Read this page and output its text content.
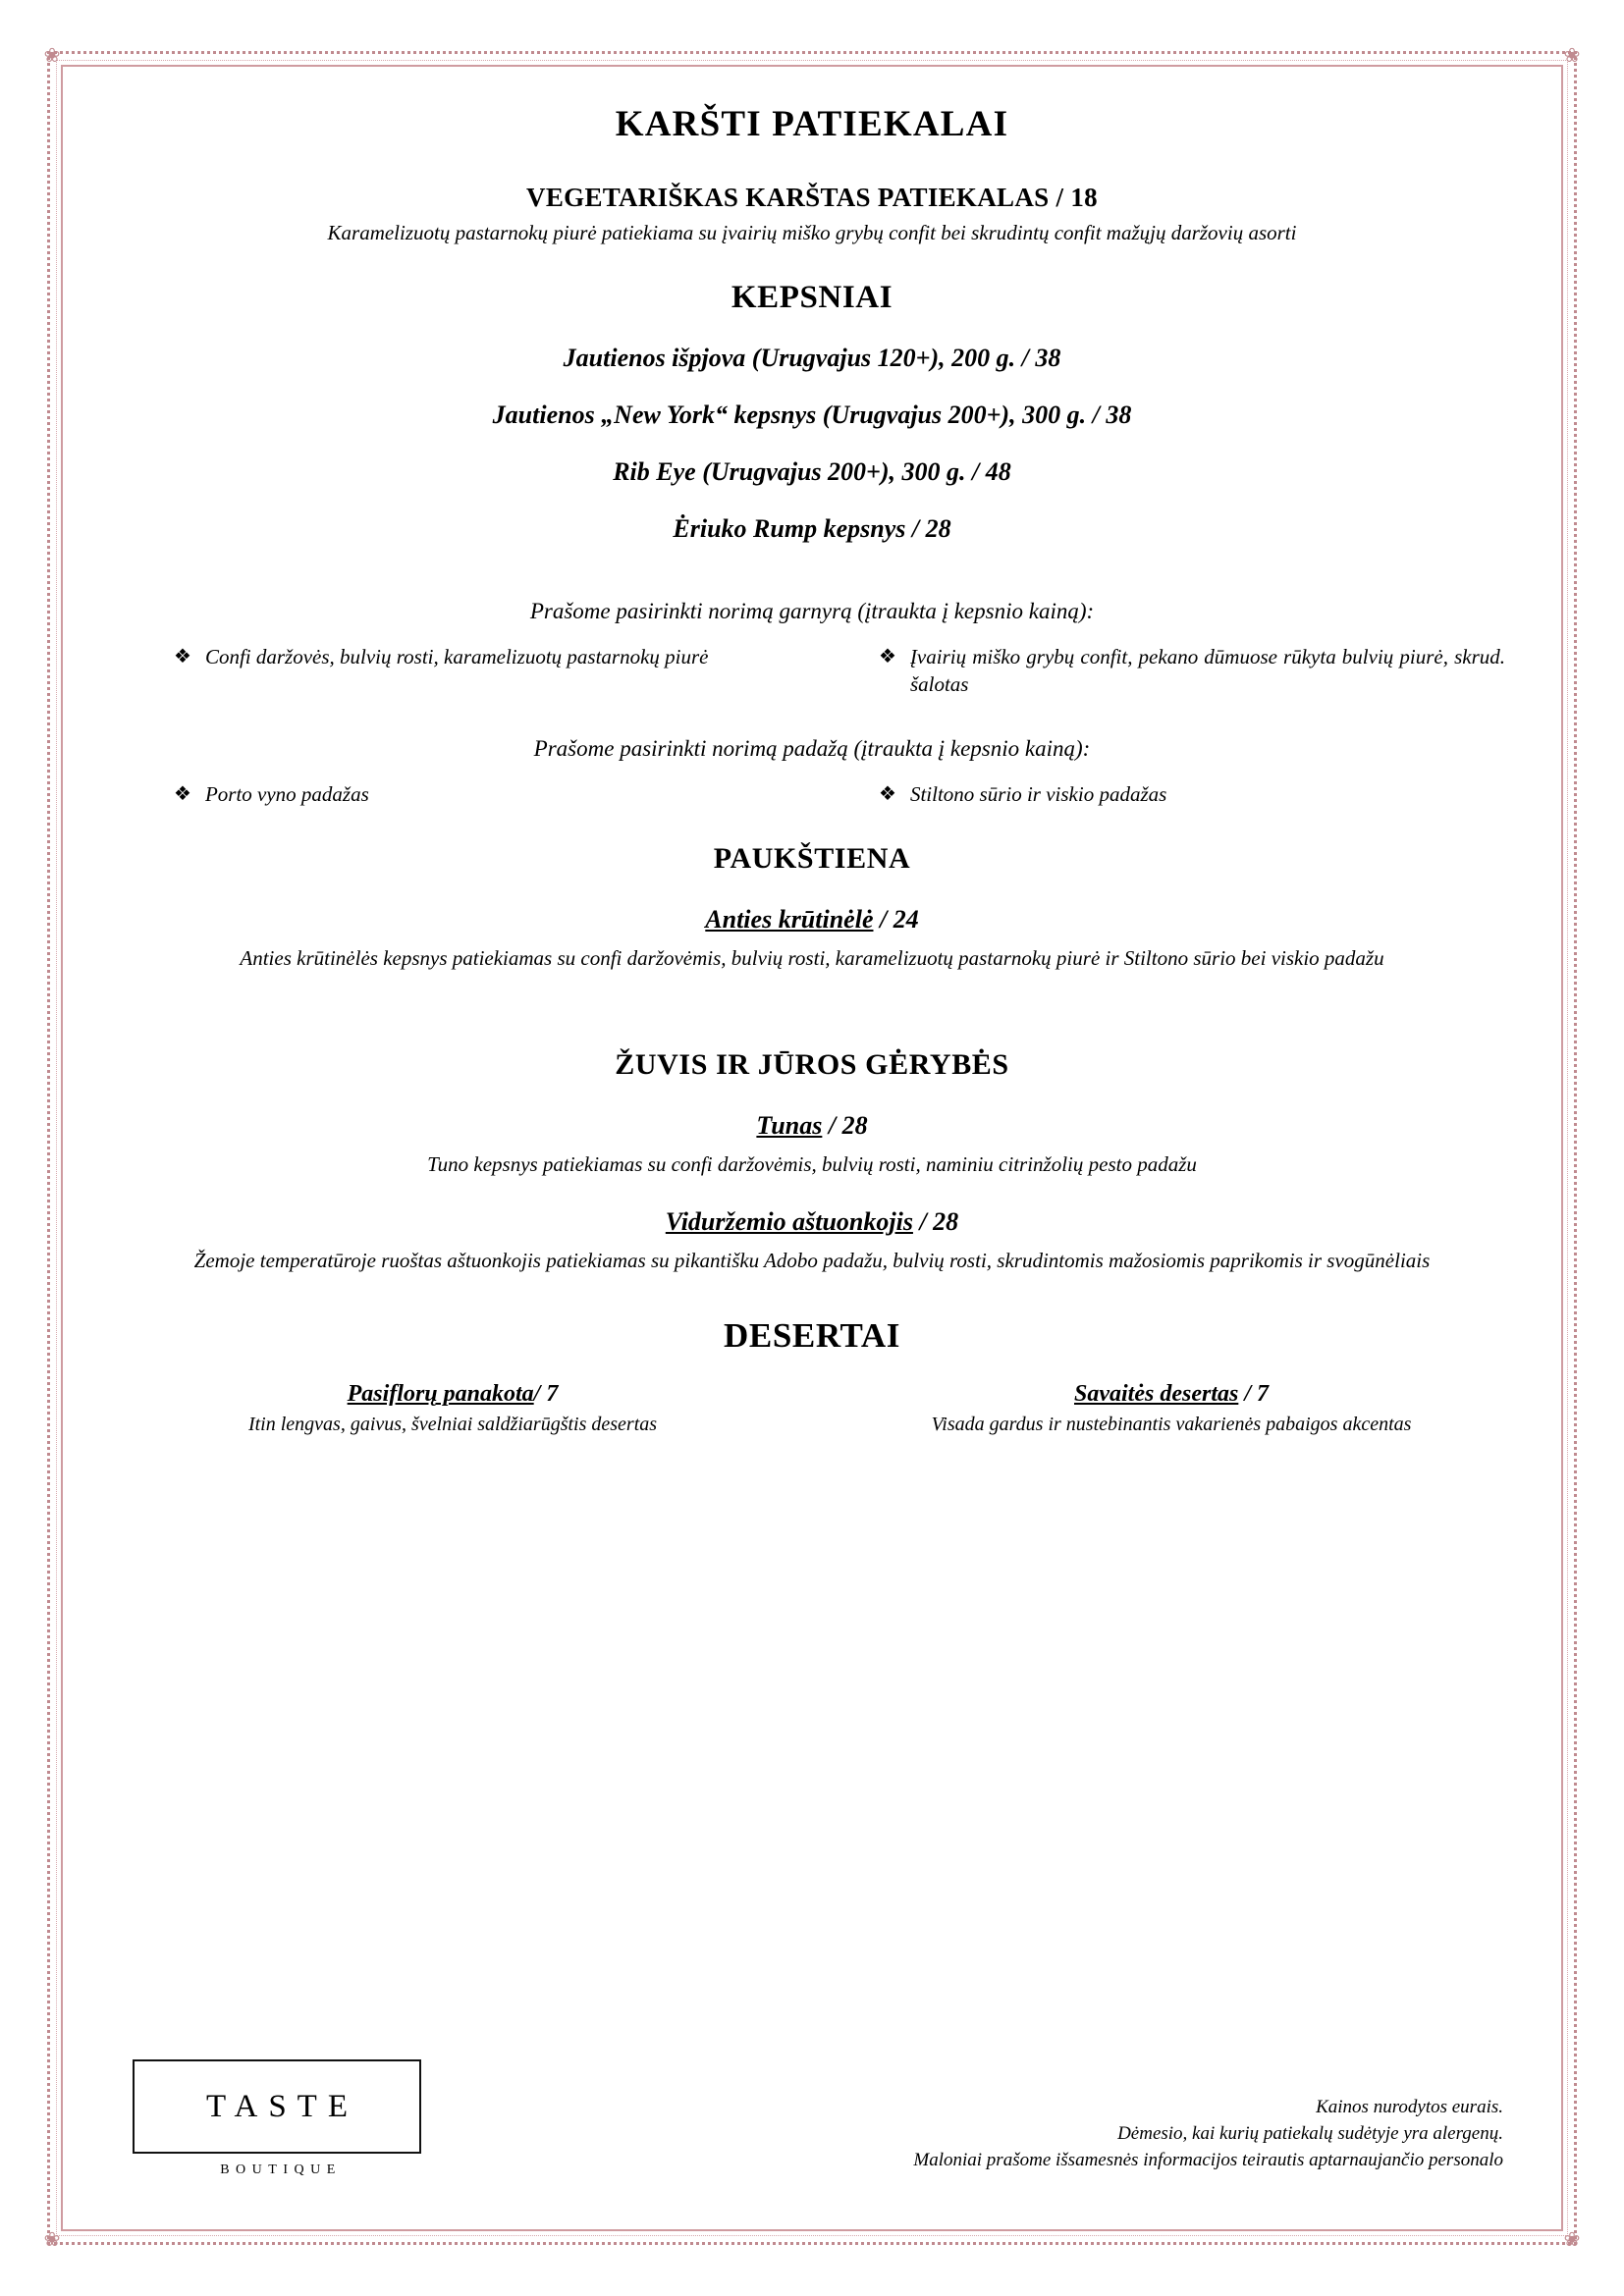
❀	❀
❀	❀
KARŠTI PATIEKALAI
VEGETARIŠKAS KARŠTAS PATIEKALAS / 18
Karamelizuotų pastarnokų piurė patiekiama su įvairių miško grybų confit bei skrudintų confit mažųjų daržovių asorti
KEPSNIAI
Jautienos išpjova (Urugvajus 120+), 200 g. / 38
Jautienos „New York“ kepsnys (Urugvajus 200+), 300 g. / 38
Rib Eye (Urugvajus 200+), 300 g. / 48
Ėriuko Rump kepsnys / 28
Prašome pasirinkti norimą garnyrą (įtraukta į kepsnio kainą):
❖ Confi daržovės, bulvių rosti, karamelizuotų pastarnokų piurė	❖ Įvairių miško grybų confit, pekano dūmuose rūkyta bulvių piurė, skrud. šalotas
Prašome pasirinkti norimą padažą (įtraukta į kepsnio kainą):
❖ Porto vyno padažas	❖ Stiltono sūrio ir viskio padažas
PAUKŠTIENA
Anties krūtinėlė / 24
Anties krūtinėlės kepsnys patiekiamas su confi daržovėmis, bulvių rosti, karamelizuotų pastarnokų piurė ir Stiltono sūrio bei viskio padažu
ŽUVIS IR JŪROS GĖRYBĖS
Tunas / 28
Tuno kepsnys patiekiamas su confi daržovėmis, bulvių rosti, naminiu citrinžolių pesto padažu
Viduržemio aštuonkojis / 28
Žemoje temperatūroje ruoštas aštuonkojis patiekiamas su pikantišku Adobo padažu, bulvių rosti, skrudintomis mažosiomis paprikomis ir svogūnėliais
DESERTAI
Pasiflorų panakota/ 7
Itin lengvas, gaivus, švelniai saldžiarūgštis desertas
Savaitės desertas / 7
Visada gardus ir nustebinantis vakarienės pabaigos akcentas
TASTE
BOUTIQUE
Kainos nurodytos eurais.
Dėmesio, kai kurių patiekalų sudėtyje yra alergenų.
Maloniai prašome išsamesnės informacijos teirautis aptarnaujančio personalo
